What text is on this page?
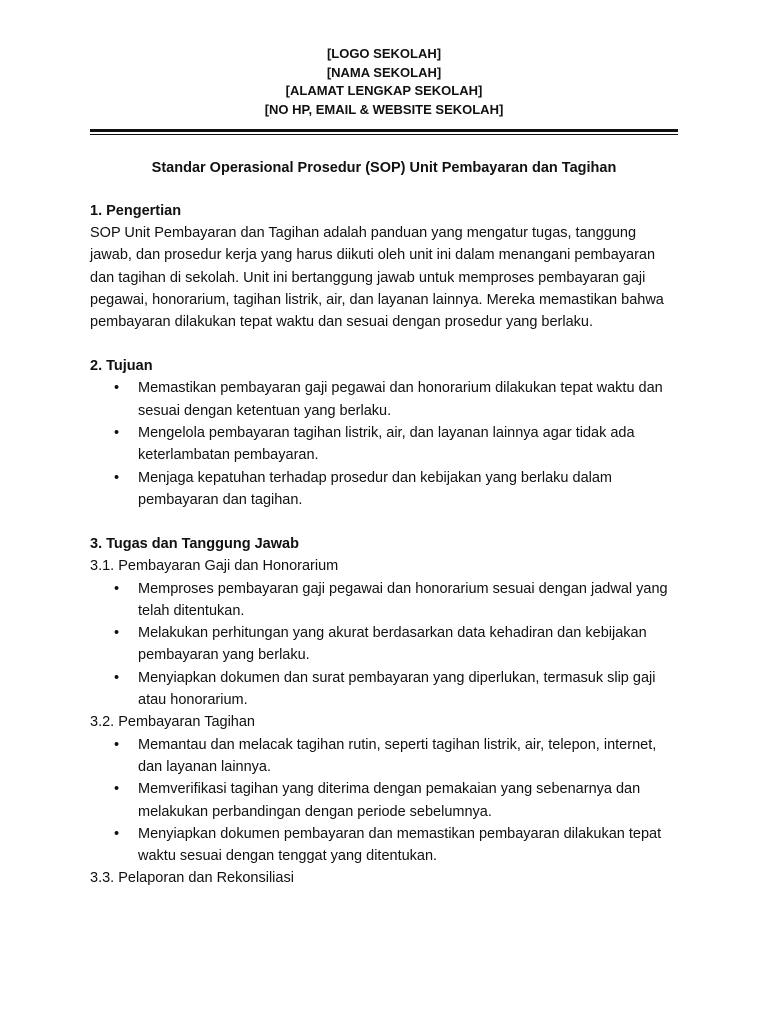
[LOGO SEKOLAH]
[NAMA SEKOLAH]
[ALAMAT LENGKAP SEKOLAH]
[NO HP, EMAIL & WEBSITE SEKOLAH]
Standar Operasional Prosedur (SOP) Unit Pembayaran dan Tagihan
1. Pengertian
SOP Unit Pembayaran dan Tagihan adalah panduan yang mengatur tugas, tanggung jawab, dan prosedur kerja yang harus diikuti oleh unit ini dalam menangani pembayaran dan tagihan di sekolah. Unit ini bertanggung jawab untuk memproses pembayaran gaji pegawai, honorarium, tagihan listrik, air, dan layanan lainnya. Mereka memastikan bahwa pembayaran dilakukan tepat waktu dan sesuai dengan prosedur yang berlaku.
2. Tujuan
• Memastikan pembayaran gaji pegawai dan honorarium dilakukan tepat waktu dan sesuai dengan ketentuan yang berlaku.
• Mengelola pembayaran tagihan listrik, air, dan layanan lainnya agar tidak ada keterlambatan pembayaran.
• Menjaga kepatuhan terhadap prosedur dan kebijakan yang berlaku dalam pembayaran dan tagihan.
3. Tugas dan Tanggung Jawab
3.1. Pembayaran Gaji dan Honorarium
• Memproses pembayaran gaji pegawai dan honorarium sesuai dengan jadwal yang telah ditentukan.
• Melakukan perhitungan yang akurat berdasarkan data kehadiran dan kebijakan pembayaran yang berlaku.
• Menyiapkan dokumen dan surat pembayaran yang diperlukan, termasuk slip gaji atau honorarium.
3.2. Pembayaran Tagihan
• Memantau dan melacak tagihan rutin, seperti tagihan listrik, air, telepon, internet, dan layanan lainnya.
• Memverifikasi tagihan yang diterima dengan pemakaian yang sebenarnya dan melakukan perbandingan dengan periode sebelumnya.
• Menyiapkan dokumen pembayaran dan memastikan pembayaran dilakukan tepat waktu sesuai dengan tenggat yang ditentukan.
3.3. Pelaporan dan Rekonsiliasi
